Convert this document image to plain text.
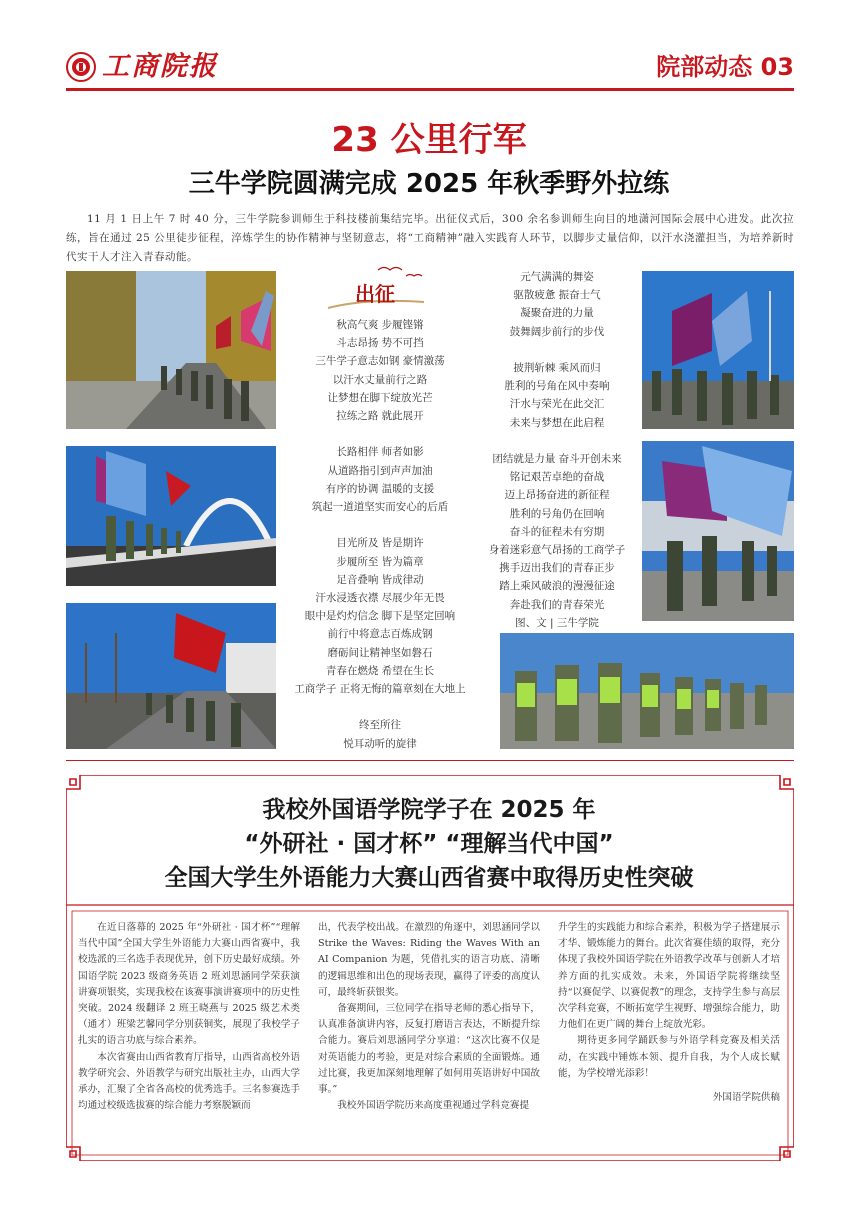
工商院报	院部动态 03
23 公里行军
三牛学院圆满完成 2025 年秋季野外拉练

11 月 1 日上午 7 时 40 分，三牛学院参训师生于科技楼前集结完毕。出征仪式后，300 余名参训师生向目的地潇河国际会展中心进发。此次拉练，旨在通过 25 公里徒步征程，淬炼学生的协作精神与坚韧意志，将“工商精神”融入实践育人环节，以脚步丈量信仰，以汗水浇灌担当，为培养新时代实干人才注入青春动能。

出征
秋高气爽 步履铿锵
斗志昂扬 势不可挡
三牛学子意志如钢 豪情激荡
以汗水丈量前行之路
让梦想在脚下绽放光芒
拉练之路 就此展开
长路相伴 师者如影
从道路指引到声声加油
有序的协调 温暖的支援
筑起一道道坚实而安心的后盾
目光所及 皆是期许
步履所至 皆为篇章
足音叠响 皆成律动
汗水浸透衣襟 尽展少年无畏
眼中是灼灼信念 脚下是坚定回响
前行中将意志百炼成钢
磨砺间让精神坚如磐石
青春在燃烧 希望在生长
工商学子 正将无悔的篇章刻在大地上
终至所往
悦耳动听的旋律
元气满满的舞姿
驱散疲惫 振奋士气
凝聚奋进的力量
鼓舞阔步前行的步伐
披荆斩棘 乘风而归
胜利的号角在风中奏响
汗水与荣光在此交汇
未来与梦想在此启程
团结就是力量 奋斗开创未来
铭记艰苦卓绝的奋战
迈上昂扬奋进的新征程
胜利的号角仍在回响
奋斗的征程未有穷期
身着迷彩意气昂扬的工商学子
携手迈出我们的青春正步
踏上乘风破浪的漫漫征途
奔赴我们的青春荣光
图、文 | 三牛学院
我校外国语学院学子在 2025 年
“外研社 · 国才杯” “理解当代中国”
全国大学生外语能力大赛山西省赛中取得历史性突破

在近日落幕的 2025 年“外研社 · 国才杯”“理解当代中国”全国大学生外语能力大赛山西省赛中，我校选派的三名选手表现优异，创下历史最好成绩。外国语学院 2023 级商务英语 2 班刘思涵同学荣获演讲赛项银奖，实现我校在该赛事演讲赛项中的历史性突破。2024 级翻译 2 班王晓燕与 2025 级艺术类（通才）班梁艺馨同学分别获铜奖，展现了我校学子扎实的语言功底与综合素养。

本次省赛由山西省教育厅指导，山西省高校外语教学研究会、外语教学与研究出版社主办，山西大学承办，汇聚了全省各高校的优秀选手。三名参赛选手均通过校级选拔赛的综合能力考察脱颖而

出，代表学校出战。在激烈的角逐中，刘思涵同学以 Strike the Waves: Riding the Waves With an AI Companion 为题，凭借扎实的语言功底、清晰的逻辑思维和出色的现场表现，赢得了评委的高度认可，最终斩获银奖。

备赛期间，三位同学在指导老师的悉心指导下，认真准备演讲内容，反复打磨语言表达，不断提升综合能力。赛后刘思涵同学分享道：“这次比赛不仅是对英语能力的考验，更是对综合素质的全面锻炼。通过比赛，我更加深刻地理解了如何用英语讲好中国故事。”

我校外国语学院历来高度重视通过学科竞赛提

升学生的实践能力和综合素养，积极为学子搭建展示才华、锻炼能力的舞台。此次省赛佳绩的取得，充分体现了我校外国语学院在外语教学改革与创新人才培养方面的扎实成效。未来，外国语学院将继续坚持“以赛促学、以赛促教”的理念，支持学生参与高层次学科竞赛，不断拓宽学生视野、增强综合能力，助力他们在更广阔的舞台上绽放光彩。

期待更多同学踊跃参与外语学科竞赛及相关活动，在实践中锤炼本领、提升自我，为个人成长赋能，为学校增光添彩！

外国语学院供稿
